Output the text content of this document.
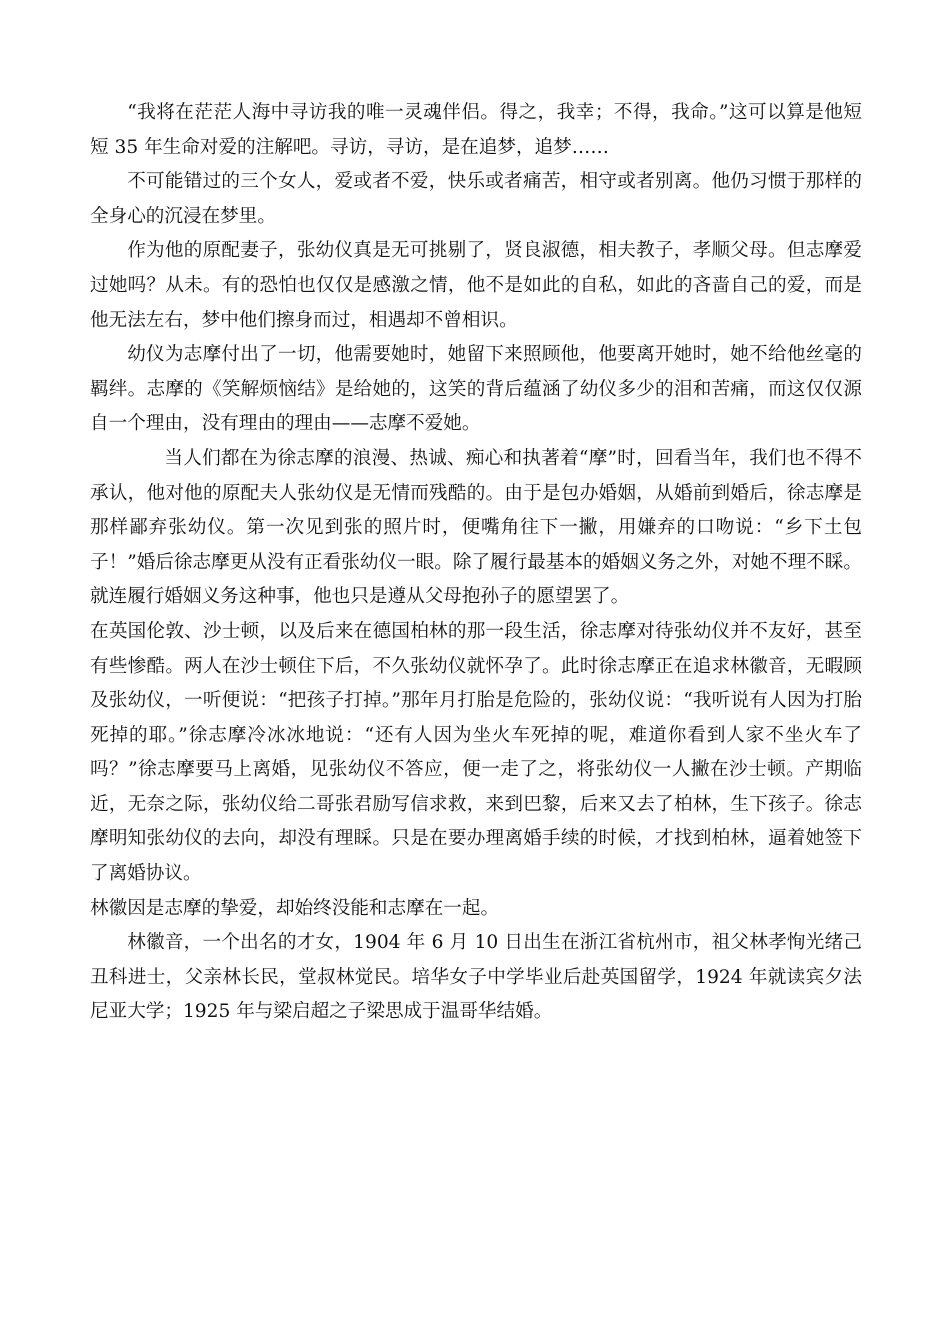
“我将在茫茫人海中寻访我的唯一灵魂伴侣。得之，我幸；不得，我命。”这可以算是他短短 35 年生命对爱的注解吧。寻访，寻访，是在追梦，追梦……

不可能错过的三个女人，爱或者不爱，快乐或者痛苦，相守或者别离。他仍习惯于那样的全身心的沉浸在梦里。

作为他的原配妻子，张幼仪真是无可挑剔了，贤良淑德，相夫教子，孝顺父母。但志摩爱过她吗？从未。有的恐怕也仅仅是感激之情，他不是如此的自私，如此的吝啬自己的爱，而是他无法左右，梦中他们擦身而过，相遇却不曾相识。

幼仪为志摩付出了一切，他需要她时，她留下来照顾他，他要离开她时，她不给他丝毫的羁绊。志摩的《笑解烦恼结》是给她的，这笑的背后蕴涵了幼仪多少的泪和苦痛，而这仅仅源自一个理由，没有理由的理由——志摩不爱她。

当人们都在为徐志摩的浪漫、热诚、痴心和执著着“摩”时，回看当年，我们也不得不承认，他对他的原配夫人张幼仪是无情而残酷的。由于是包办婚姻，从婚前到婚后，徐志摩是那样鄙弃张幼仪。第一次见到张的照片时，便嘴角往下一撇，用嫌弃的口吻说：“乡下土包子！”婚后徐志摩更从没有正看张幼仪一眼。除了履行最基本的婚姻义务之外，对她不理不睬。就连履行婚姻义务这种事，他也只是遵从父母抱孙子的愿望罢了。

在英国伦敦、沙士顿，以及后来在德国柏林的那一段生活，徐志摩对待张幼仪并不友好，甚至有些惨酷。两人在沙士顿住下后，不久张幼仪就怀孕了。此时徐志摩正在追求林徽音，无暇顾及张幼仪，一听便说：“把孩子打掉。”那年月打胎是危险的，张幼仪说：“我听说有人因为打胎死掉的耶。”徐志摩冷冰冰地说：“还有人因为坐火车死掉的呢，难道你看到人家不坐火车了吗？”徐志摩要马上离婚，见张幼仪不答应，便一走了之，将张幼仪一人撇在沙士顿。产期临近，无奈之际，张幼仪给二哥张君励写信求救，来到巴黎，后来又去了柏林，生下孩子。徐志摩明知张幼仪的去向，却没有理睬。只是在要办理离婚手续的时候，才找到柏林，逼着她签下了离婚协议。

林徽因是志摩的挚爱，却始终没能和志摩在一起。

林徽音，一个出名的才女，1904 年 6 月 10 日出生在浙江省杭州市，祖父林孝恂光绪己丑科进士，父亲林长民，堂叔林觉民。培华女子中学毕业后赴英国留学，1924 年就读宾夕法尼亚大学；1925 年与梁启超之子梁思成于温哥华结婚。
